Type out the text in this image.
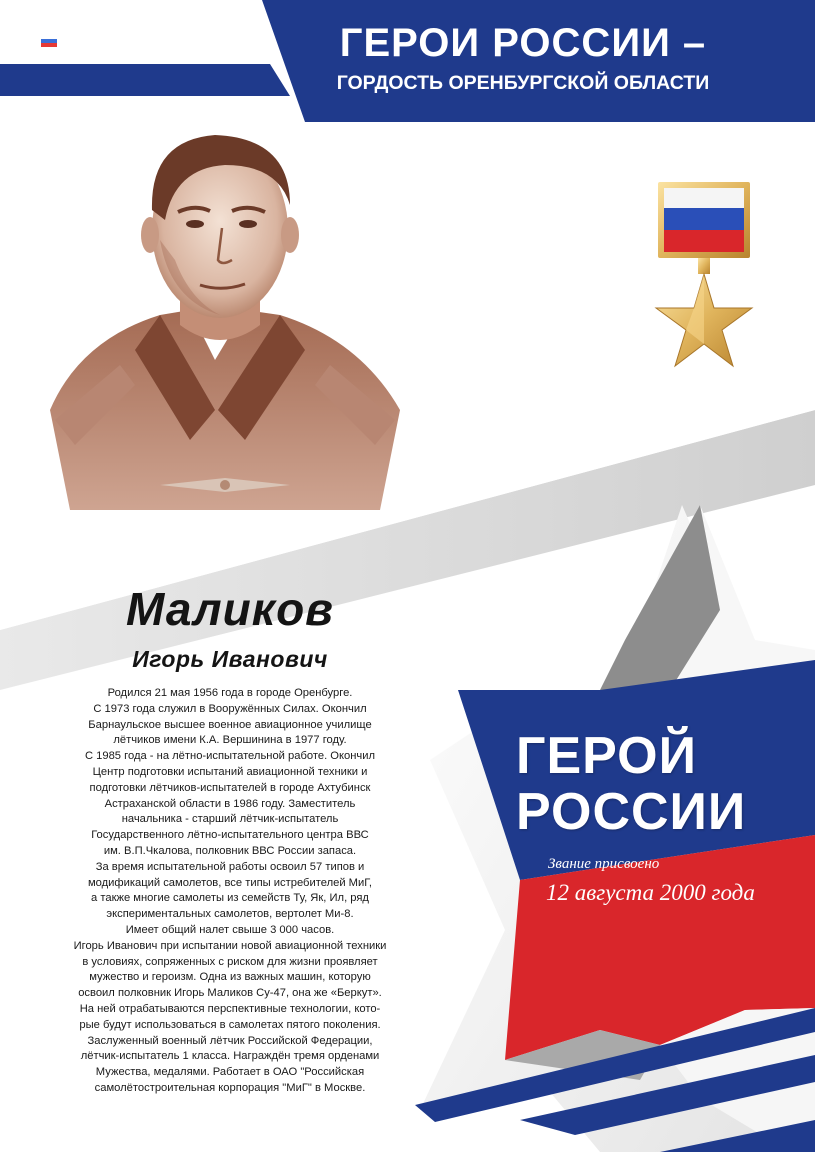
ЕДИНАЯ
РОССИЯ
ПРОЕКТ
ИСТОРИЧЕСКАЯ
ПАМЯТЬ	ГЕРОИ РОССИИ –
ГОРДОСТЬ ОРЕНБУРГСКОЙ ОБЛАСТИ
Маликов
Игорь Иванович
Родился 21 мая 1956 года в городе Оренбурге.
С 1973 года служил в Вооружённых Силах. Окончил
Барнаульское высшее военное авиационное училище
лётчиков имени К.А. Вершинина в 1977 году.
С 1985 года - на лётно-испытательной работе. Окончил
Центр подготовки испытаний авиационной техники и
подготовки лётчиков-испытателей в городе Ахтубинск
Астраханской области в 1986 году. Заместитель
начальника - старший лётчик-испытатель
Государственного лётно-испытательного центра ВВС
им. В.П.Чкалова, полковник ВВС России запаса.
За время испытательной работы освоил 57 типов и
модификаций самолетов, все типы истребителей МиГ,
а также многие самолеты из семейств Ту, Як, Ил, ряд
экспериментальных самолетов, вертолет Ми-8.
Имеет общий налет свыше 3 000 часов.
Игорь Иванович при испытании новой авиационной техники
в условиях, сопряженных с риском для жизни проявляет
мужество и героизм. Одна из важных машин, которую
освоил полковник Игорь Маликов Су-47, она же «Беркут».
На ней отрабатываются перспективные технологии, кото-
рые будут использоваться в самолетах пятого поколения.
Заслуженный военный лётчик Российской Федерации,
лётчик-испытатель 1 класса. Награждён тремя орденами
Мужества, медалями. Работает в ОАО "Российская
самолётостроительная корпорация "МиГ" в Москве.
ГЕРОЙ
РОССИИ
Звание присвоено
12 августа 2000 года
